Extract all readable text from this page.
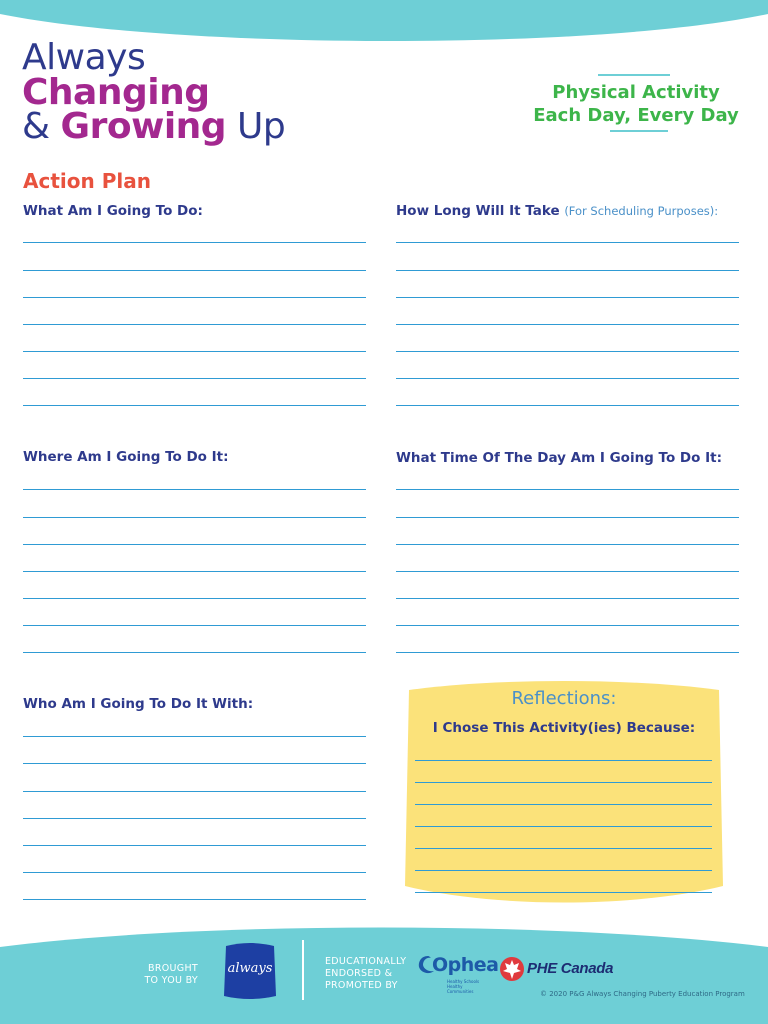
Always
Changing
& Growing Up
Physical Activity
Each Day, Every Day
Action Plan
What Am I Going To Do:	How Long Will It Take (For Scheduling Purposes):
Where Am I Going To Do It:	What Time Of The Day Am I Going To Do It:
Who Am I Going To Do It With:	Reflections:
I Chose This Activity(ies) Because:
BROUGHT TO YOU BY
always	EDUCATIONALLY ENDORSED & PROMOTED BY
Ophea
Healthy Schools Healthy Communities
PHE Canada
© 2020 P&G Always Changing Puberty Education Program
